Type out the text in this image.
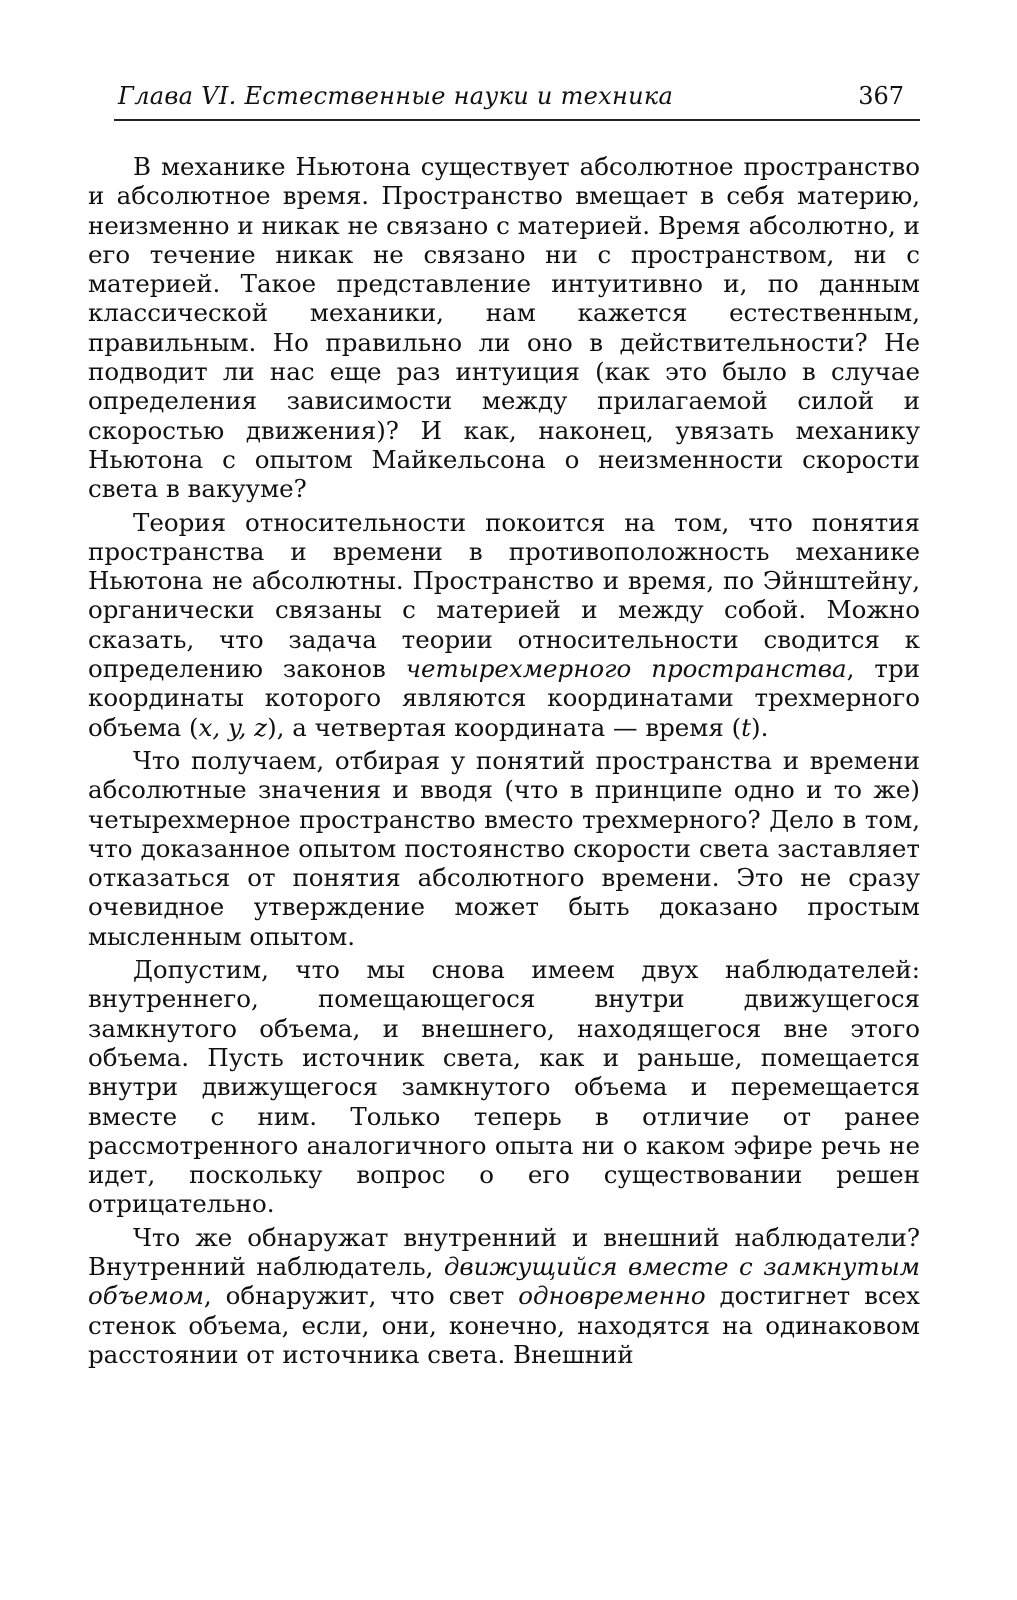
Глава VI. Естественные науки и техника	367

В механике Ньютона существует абсолютное пространство и абсолютное время. Пространство вмещает в себя материю, неизменно и никак не связано с материей. Время абсолютно, и его течение никак не связано ни с пространством, ни с материей. Такое представление интуитивно и, по данным классической механики, нам кажется естественным, правильным. Но правильно ли оно в действительности? Не подводит ли нас еще раз интуиция (как это было в случае определения зависимости между прилагаемой силой и скоростью движения)? И как, наконец, увязать механику Ньютона с опытом Майкельсона о неизменности скорости света в вакууме?

Теория относительности покоится на том, что понятия пространства и времени в противоположность механике Ньютона не абсолютны. Пространство и время, по Эйнштейну, органически связаны с материей и между собой. Можно сказать, что задача теории относительности сводится к определению законов четырехмерного пространства, три координаты которого являются координатами трехмерного объема (x, y, z), а четвертая координата — время (t).

Что получаем, отбирая у понятий пространства и времени абсолютные значения и вводя (что в принципе одно и то же) четырехмерное пространство вместо трехмерного? Дело в том, что доказанное опытом постоянство скорости света заставляет отказаться от понятия абсолютного времени. Это не сразу очевидное утверждение может быть доказано простым мысленным опытом.

Допустим, что мы снова имеем двух наблюдателей: внутреннего, помещающегося внутри движущегося замкнутого объема, и внешнего, находящегося вне этого объема. Пусть источник света, как и раньше, помещается внутри движущегося замкнутого объема и перемещается вместе с ним. Только теперь в отличие от ранее рассмотренного аналогичного опыта ни о каком эфире речь не идет, поскольку вопрос о его существовании решен отрицательно.

Что же обнаружат внутренний и внешний наблюдатели? Внутренний наблюдатель, движущийся вместе с замкнутым объемом, обнаружит, что свет одновременно достигнет всех стенок объема, если, они, конечно, находятся на одинаковом расстоянии от источника света. Внешний
